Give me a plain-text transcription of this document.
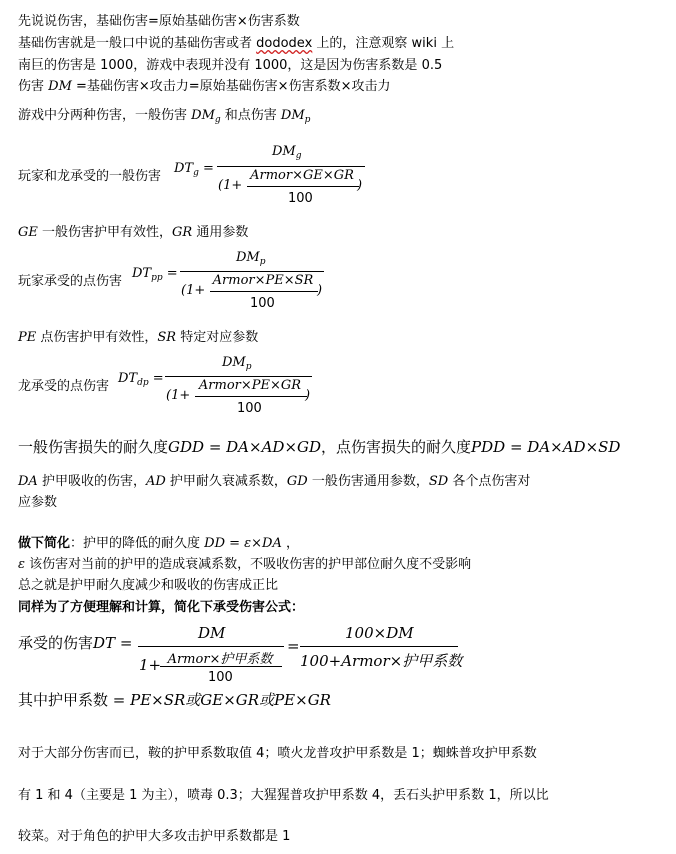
先说说伤害，基础伤害=原始基础伤害×伤害系数
基础伤害就是一般口中说的基础伤害或者 dododex 上的，注意观察 wiki 上
南巨的伤害是 1000，游戏中表现并没有 1000，这是因为伤害系数是 0.5
伤害 DM =基础伤害×攻击力=原始基础伤害×伤害系数×攻击力
游戏中分两种伤害，一般伤害 $DM_g$ 和点伤害 $DM_p$
玩家和龙承受的一般伤害
$DT_g$ =
$DM_g$
(1+
Armor×GE×GR
)
100
GE 一般伤害护甲有效性，GR 通用参数
玩家承受的点伤害
$DT_{pp}$ =
$DM_p$
(1+
Armor×PE×SR
)
100
PE 点伤害护甲有效性，SR 特定对应参数
龙承受的点伤害
$DT_{dp}$ =
$DM_p$
(1+
Armor×PE×GR
)
100
一般伤害损失的耐久度GDD = DA×AD×GD，点伤害损失的耐久度PDD = DA×AD×SD
DA 护甲吸收的伤害，AD 护甲耐久衰减系数，GD 一般伤害通用参数，SD 各个点伤害对
应参数
做下简化：护甲的降低的耐久度 DD = ε×DA ，
ε 该伤害对当前的护甲的造成衰减系数，不吸收伤害的护甲部位耐久度不受影响
总之就是护甲耐久度减少和吸收的伤害成正比
同样为了方便理解和计算，简化下承受伤害公式：
承受的伤害DT =
DM
1+ Armor×护甲系数
100
=
100×DM
100+Armor×护甲系数
其中护甲系数 = PE×SR或GE×GR或PE×GR
对于大部分伤害而已，鞍的护甲系数取值 4；喷火龙普攻护甲系数是 1；蜘蛛普攻护甲系数
有 1 和 4（主要是 1 为主），喷毒 0.3；大猩猩普攻护甲系数 4，丢石头护甲系数 1，所以比
较菜。对于角色的护甲大多攻击护甲系数都是 1
